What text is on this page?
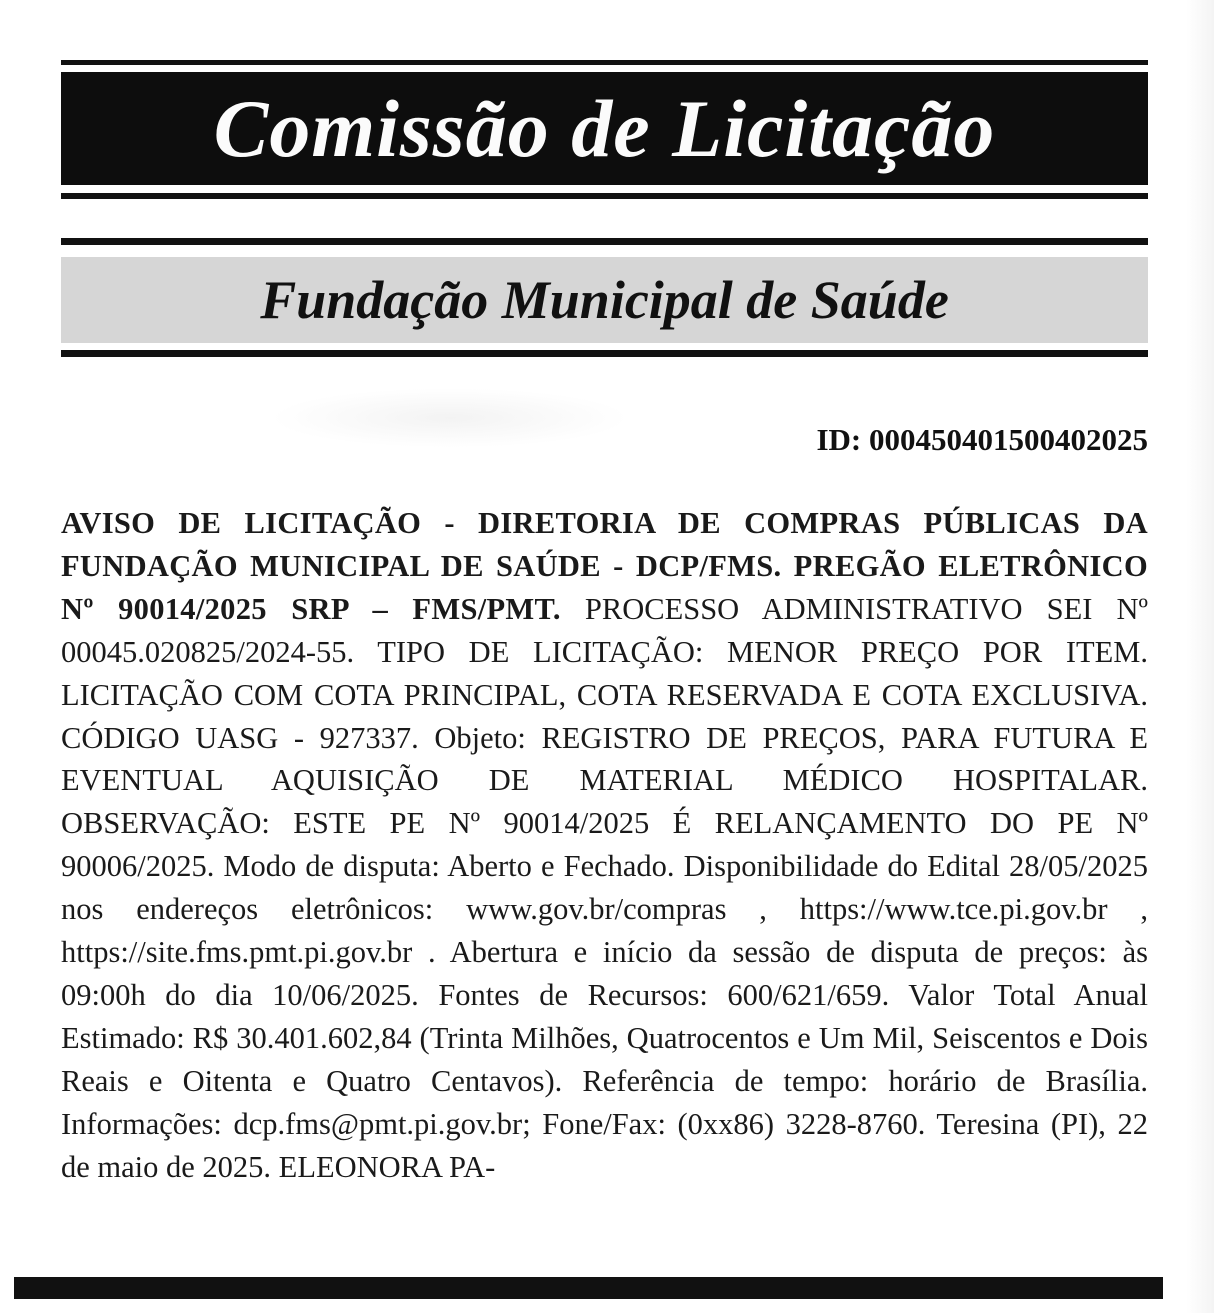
Comissão de Licitação
Fundação Municipal de Saúde
ID: 0004504015004020​25
AVISO DE LICITAÇÃO - DIRETORIA DE COMPRAS PÚBLICAS DA FUNDAÇÃO MUNICIPAL DE SAÚDE - DCP/FMS. PREGÃO ELETRÔNICO Nº 90014/2025 SRP – FMS/PMT. PROCESSO ADMINISTRATIVO SEI Nº 00045.020825/2024-55. TIPO DE LICITAÇÃO: MENOR PREÇO POR ITEM. LICITAÇÃO COM COTA PRINCIPAL, COTA RESERVADA E COTA EXCLUSIVA. CÓDIGO UASG - 927337. Objeto: REGISTRO DE PREÇOS, PARA FUTURA E EVENTUAL AQUISIÇÃO DE MATERIAL MÉDICO HOSPITALAR. OBSERVAÇÃO: ESTE PE Nº 90014/2025 É RELANÇAMENTO DO PE Nº 90006/2025. Modo de disputa: Aberto e Fechado. Disponibilidade do Edital 28/05/2025 nos endereços eletrônicos: www.gov.br/compras , https://www.tce.pi.gov.br , https://site.fms.pmt.pi.gov.br . Abertura e início da sessão de disputa de preços: às 09:00h do dia 10/06/2025. Fontes de Recursos: 600/621/659. Valor Total Anual Estimado: R$ 30.401.602,84 (Trinta Milhões, Quatrocentos e Um Mil, Seiscentos e Dois Reais e Oitenta e Quatro Centavos). Referência de tempo: horário de Brasília. Informações: dcp.fms@pmt.pi.gov.br; Fone/Fax: (0xx86) 3228-8760. Teresina (PI), 22 de maio de 2025. ELEONORA PA-
